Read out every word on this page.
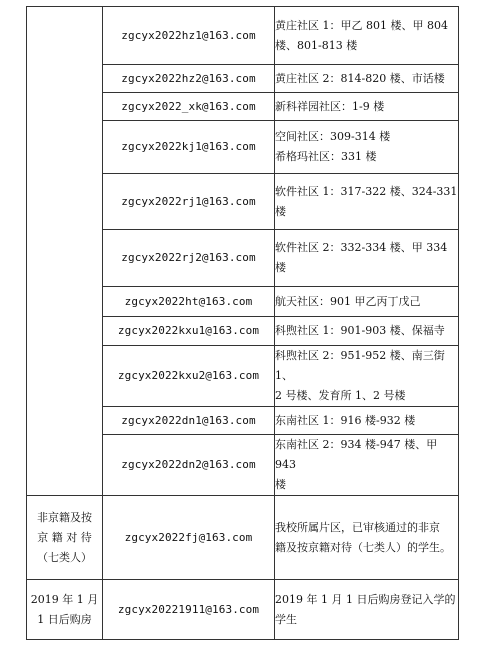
	zgcyx2022hz1@163.com	黄庄社区 1：甲乙 801 楼、甲 804
楼、801-813 楼

	zgcyx2022hz2@163.com	黄庄社区 2：814-820 楼、市话楼

	zgcyx2022_xk@163.com	新科祥园社区：1-9 楼

	zgcyx2022kj1@163.com	空间社区：309-314 楼
希格玛社区：331 楼

	zgcyx2022rj1@163.com	软件社区 1：317-322 楼、324-331
楼

	zgcyx2022rj2@163.com	软件社区 2：332-334 楼、甲 334
楼

	zgcyx2022ht@163.com	航天社区：901 甲乙丙丁戊己

	zgcyx2022kxu1@163.com	科煦社区 1：901-903 楼、保福寺

	zgcyx2022kxu2@163.com	科煦社区 2：951-952 楼、南三街 1、
2 号楼、发育所 1、2 号楼

	zgcyx2022dn1@163.com	东南社区 1：916 楼-932 楼

	zgcyx2022dn2@163.com	东南社区 2：934 楼-947 楼、甲 943
楼

非京籍及按
京 籍 对 待
（七类人）	zgcyx2022fj@163.com	我校所属片区，已审核通过的非京
籍及按京籍对待（七类人）的学生。

2019 年 1 月
1 日后购房	zgcyx20221911@163.com	2019 年 1 月 1 日后购房登记入学的
学生
